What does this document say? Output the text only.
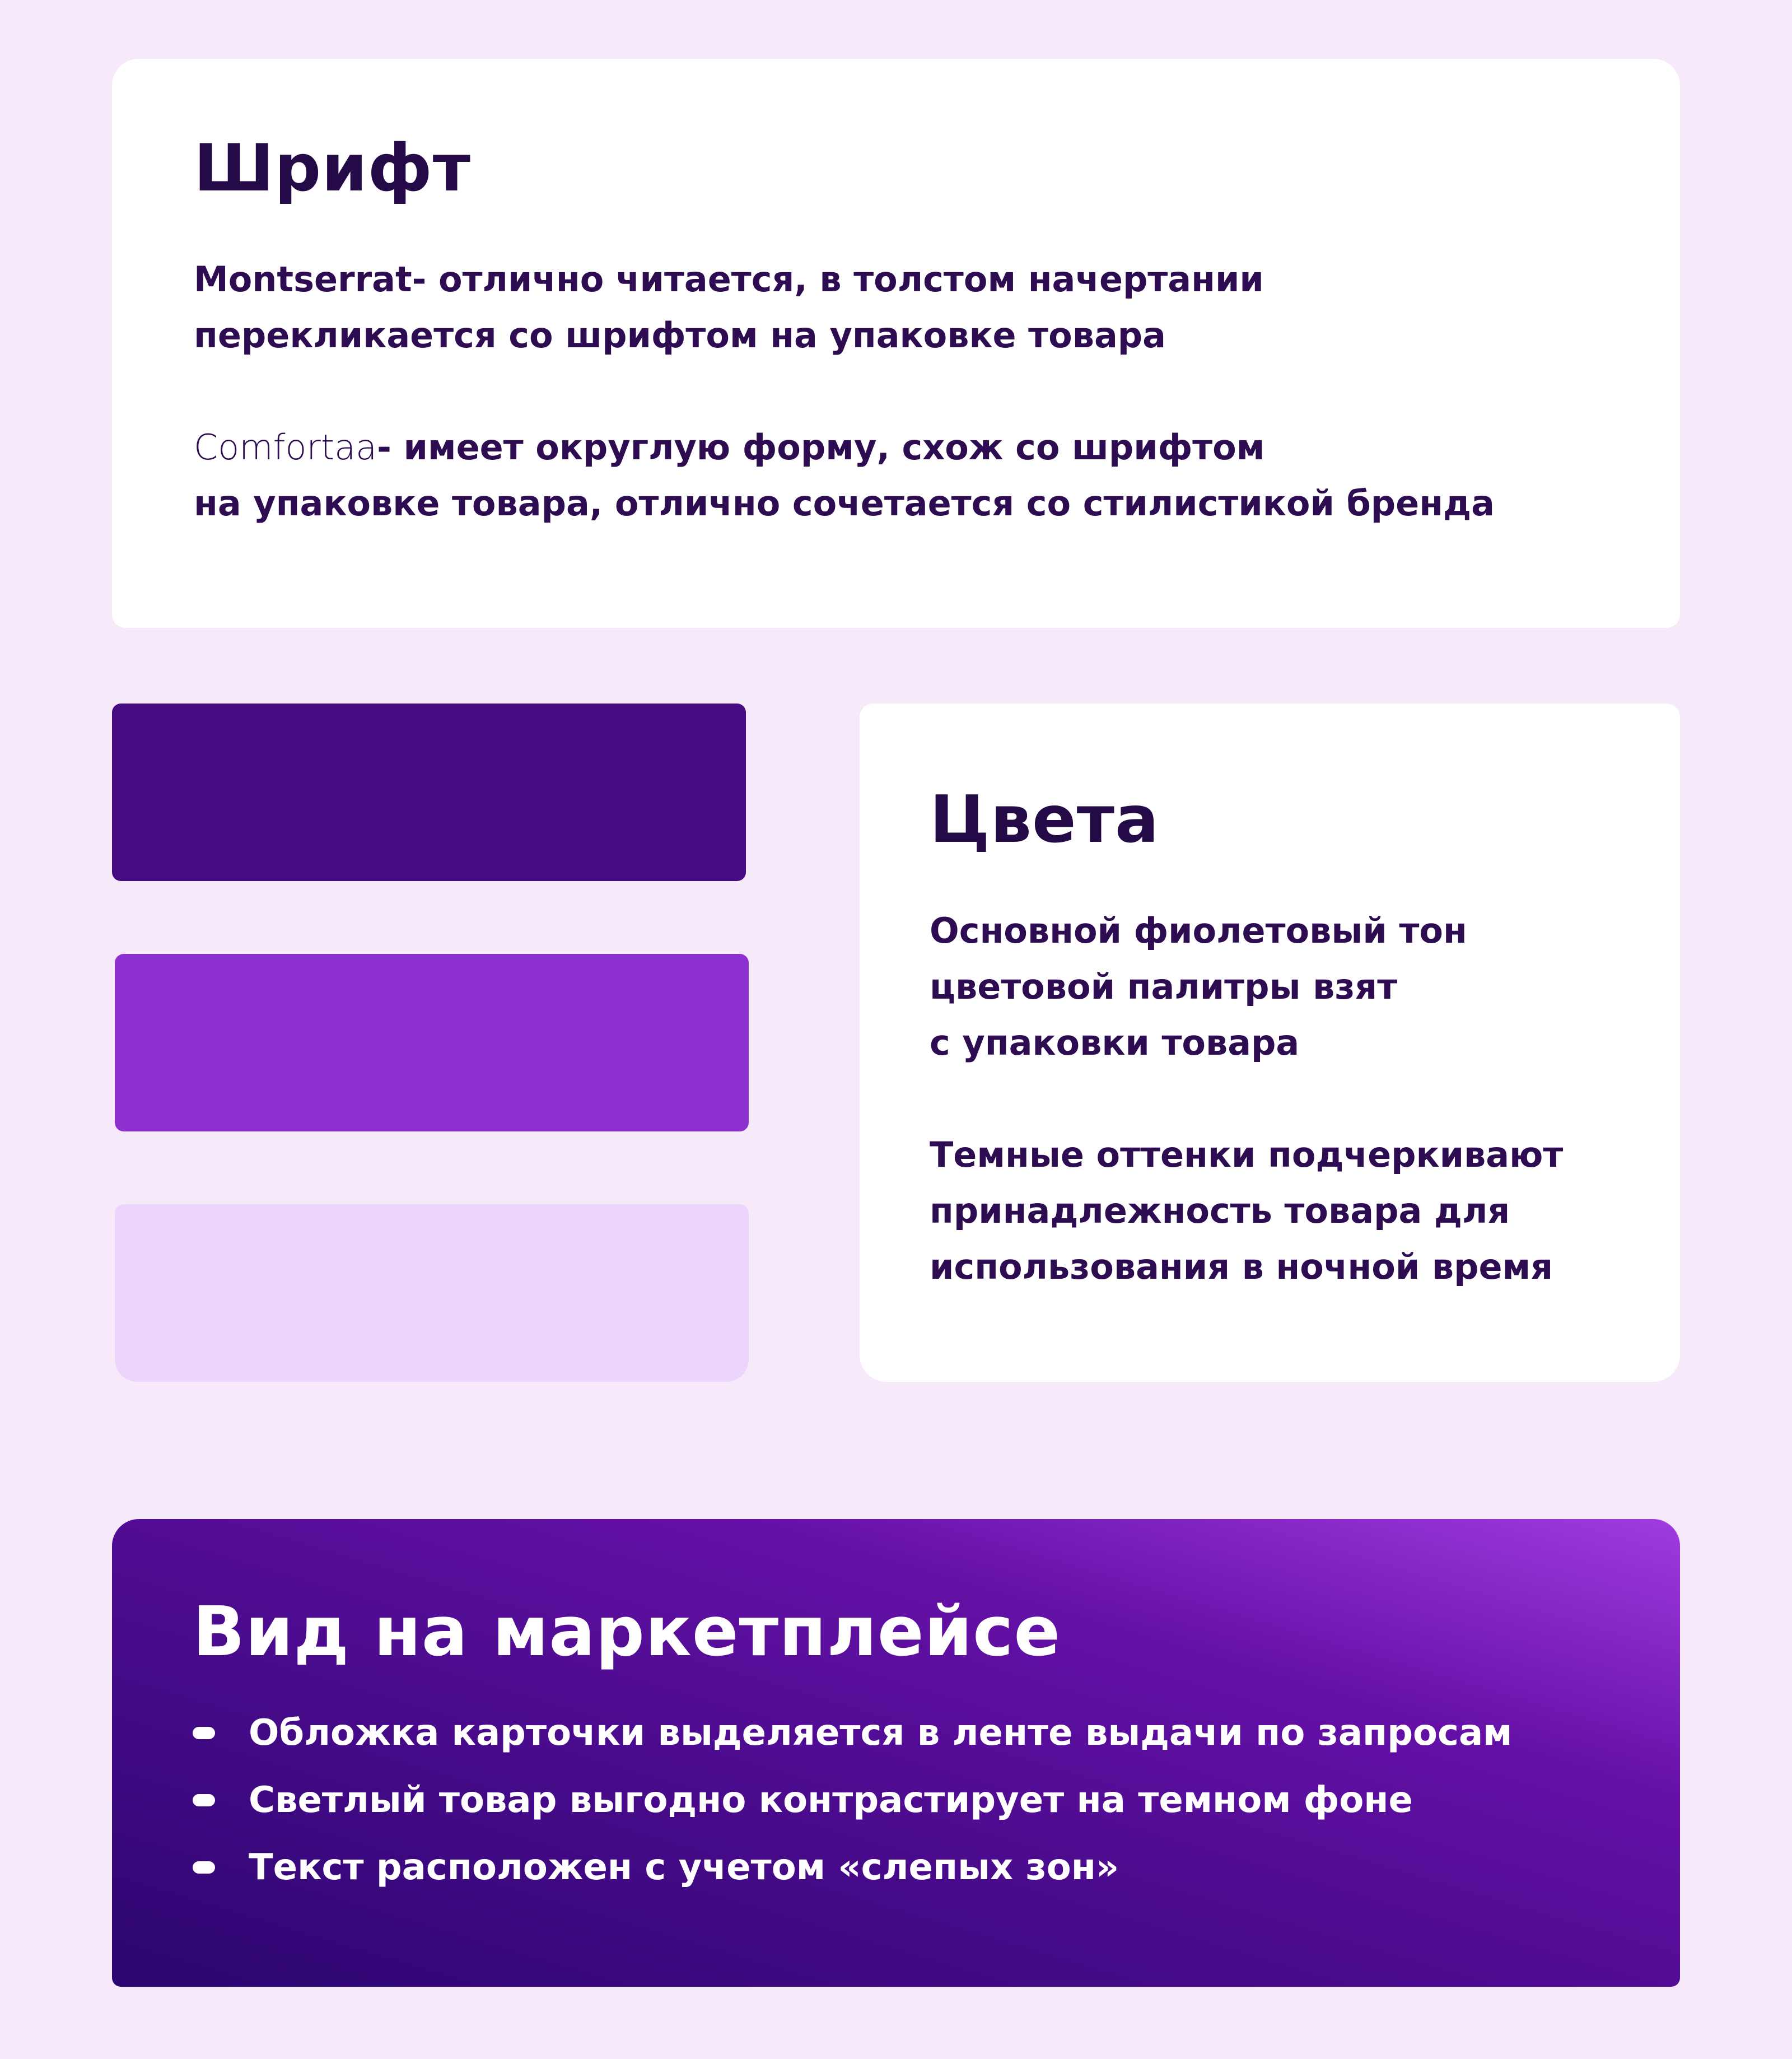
Шрифт

Montserrat- отлично читается, в толстом начертании
перекликается со шрифтом на упаковке товара

Comfortaa- имеет округлую форму, схож со шрифтом
на упаковке товара, отлично сочетается со стилистикой бренда

Цвета

Основной фиолетовый тон
цветовой палитры взят
с упаковки товара

Темные оттенки подчеркивают
принадлежность товара для
использования в ночной время

Вид на маркетплейсе
Обложка карточки выделяется в ленте выдачи по запросам
Светлый товар выгодно контрастирует на темном фоне
Текст расположен с учетом «слепых зон»
